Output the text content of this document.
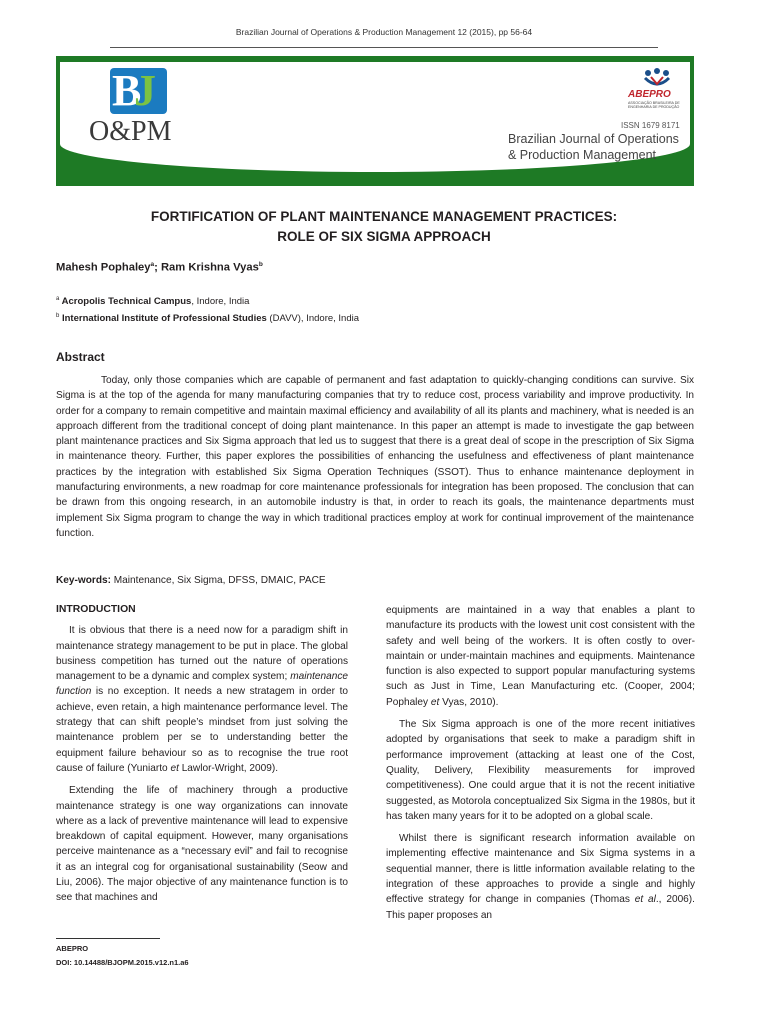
Brazilian Journal of Operations & Production Management 12 (2015), pp 56-64
B
J
O&PM
ABEPRO
ASSOCIAÇÃO BRASILEIRA DE ENGENHARIA DE PRODUÇÃO
ISSN 1679 8171
Brazilian Journal of Operations
& Production Management
FORTIFICATION OF PLANT MAINTENANCE MANAGEMENT PRACTICES:
ROLE OF SIX SIGMA APPROACH
Mahesh Pophaley$^a$; Ram Krishna Vyas$^b$
$^a$ Acropolis Technical Campus, Indore, India
$^b$ International Institute of Professional Studies (DAVV), Indore, India
Abstract
Today, only those companies which are capable of permanent and fast adaptation to quickly-changing conditions can survive. Six Sigma is at the top of the agenda for many manufacturing companies that try to reduce cost, process variability and improve productivity. In order for a company to remain competitive and maintain maximal efficiency and availability of all its plants and machinery, what is needed is an approach different from the traditional concept of doing plant maintenance. In this paper an attempt is made to investigate the gap between plant maintenance practices and Six Sigma approach that led us to suggest that there is a great deal of scope in the prescription of Six Sigma in maintenance theory. Further, this paper explores the possibilities of enhancing the usefulness and effectiveness of plant maintenance practices by the integration with established Six Sigma Operation Techniques (SSOT). Thus to enhance maintenance deployment in manufacturing environments, a new roadmap for core maintenance professionals for integration has been proposed. The conclusion that can be drawn from this ongoing research, in an automobile industry is that, in order to reach its goals, the maintenance departments must implement Six Sigma program to change the way in which traditional practices employ at work for continual improvement of the maintenance function.
Key-words: Maintenance, Six Sigma, DFSS, DMAIC, PACE
INTRODUCTION

It is obvious that there is a need now for a paradigm shift in maintenance strategy management to be put in place. The global business competition has turned out the nature of operations management to be a dynamic and complex system; maintenance function is no exception. It needs a new stratagem in order to achieve, even retain, a high maintenance performance level. The strategy that can shift people’s mindset from just solving the maintenance problem per se to understanding better the equipment failure behaviour so as to recognise the true root cause of failure (Yuniarto et Lawlor-Wright, 2009).

Extending the life of machinery through a productive maintenance strategy is one way organizations can innovate where as a lack of preventive maintenance will lead to expensive breakdown of capital equipment. However, many organisations perceive maintenance as a “necessary evil” and fail to recognise it as an integral cog for organisational sustainability (Seow and Liu, 2006). The major objective of any maintenance function is to see that machines and

equipments are maintained in a way that enables a plant to manufacture its products with the lowest unit cost consistent with the safety and well being of the workers. It is often costly to over-maintain or under-maintain machines and equipments. Maintenance function is also expected to support popular manufacturing systems such as Just in Time, Lean Manufacturing etc. (Cooper, 2004; Pophaley et Vyas, 2010).

The Six Sigma approach is one of the more recent initiatives adopted by organisations that seek to make a paradigm shift in performance improvement (attacking at least one of the Cost, Quality, Delivery, Flexibility measurements for improved competitiveness). One could argue that it is not the recent initiative suggested, as Motorola conceptualized Six Sigma in the 1980s, but it has taken many years for it to be adopted on a global scale.

Whilst there is significant research information available on implementing effective maintenance and Six Sigma systems in a sequential manner, there is little information available relating to the integration of these approaches to provide a single and highly effective strategy for change in companies (Thomas et al., 2006). This paper proposes an

ABEPRO
DOI: 10.14488/BJOPM.2015.v12.n1.a6
